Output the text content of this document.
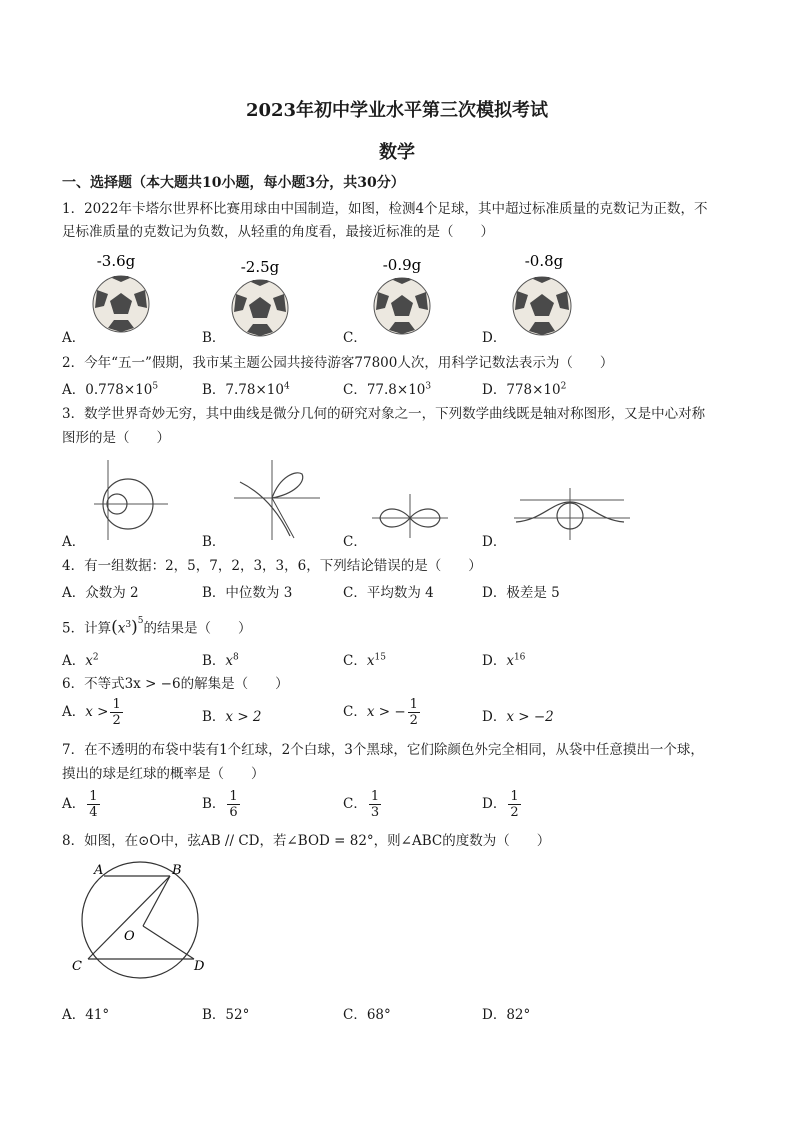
2023年初中学业水平第三次模拟考试
数学
一、选择题（本大题共10小题，每小题3分，共30分）
1．2022年卡塔尔世界杯比赛用球由中国制造，如图，检测4个足球，其中超过标准质量的克数记为正数，不
足标准质量的克数记为负数，从轻重的角度看，最接近标准的是（　　）
-3.6g	-2.5g	-0.9g	-0.8g
A．	B．	C．	D．
2．今年“五一”假期，我市某主题公园共接待游客77800人次，用科学记数法表示为（　　）
A．$0.778\times 10^5$	B．$7.78\times 10^4$	C．$77.8\times 10^3$	D．$778\times 10^2$
3．数学世界奇妙无穷，其中曲线是微分几何的研究对象之一，下列数学曲线既是轴对称图形，又是中心对称
图形的是（　　）
A．	B．	C．	D．
4．有一组数据：2，5，7，2，3，3，6，下列结论错误的是（　　）
A．众数为 2	B．中位数为 3	C．平均数为 4	D．极差是 5
5．计算$(x^3)^5$的结果是（　　）
A．$x^2$	B．$x^8$	C．$x^{15}$	D．$x^{16}$
6．不等式3x > −6的解集是（　　）
A．$x > \frac{1}{2}$	B．x > 2	C．x > − $\frac{1}{2}$	D．x > −2
7．在不透明的布袋中装有1个红球，2个白球，3个黑球，它们除颜色外完全相同，从袋中任意摸出一个球，
摸出的球是红球的概率是（　　）
A． $\frac{1}{4}$	B． $\frac{1}{6}$	C． $\frac{1}{3}$	D． $\frac{1}{2}$
8．如图，在⊙O中，弦AB // CD，若∠BOD = 82°，则∠ABC的度数为（　　）
A	B
O
C	D
A．41°	B．52°	C．68°	D．82°
